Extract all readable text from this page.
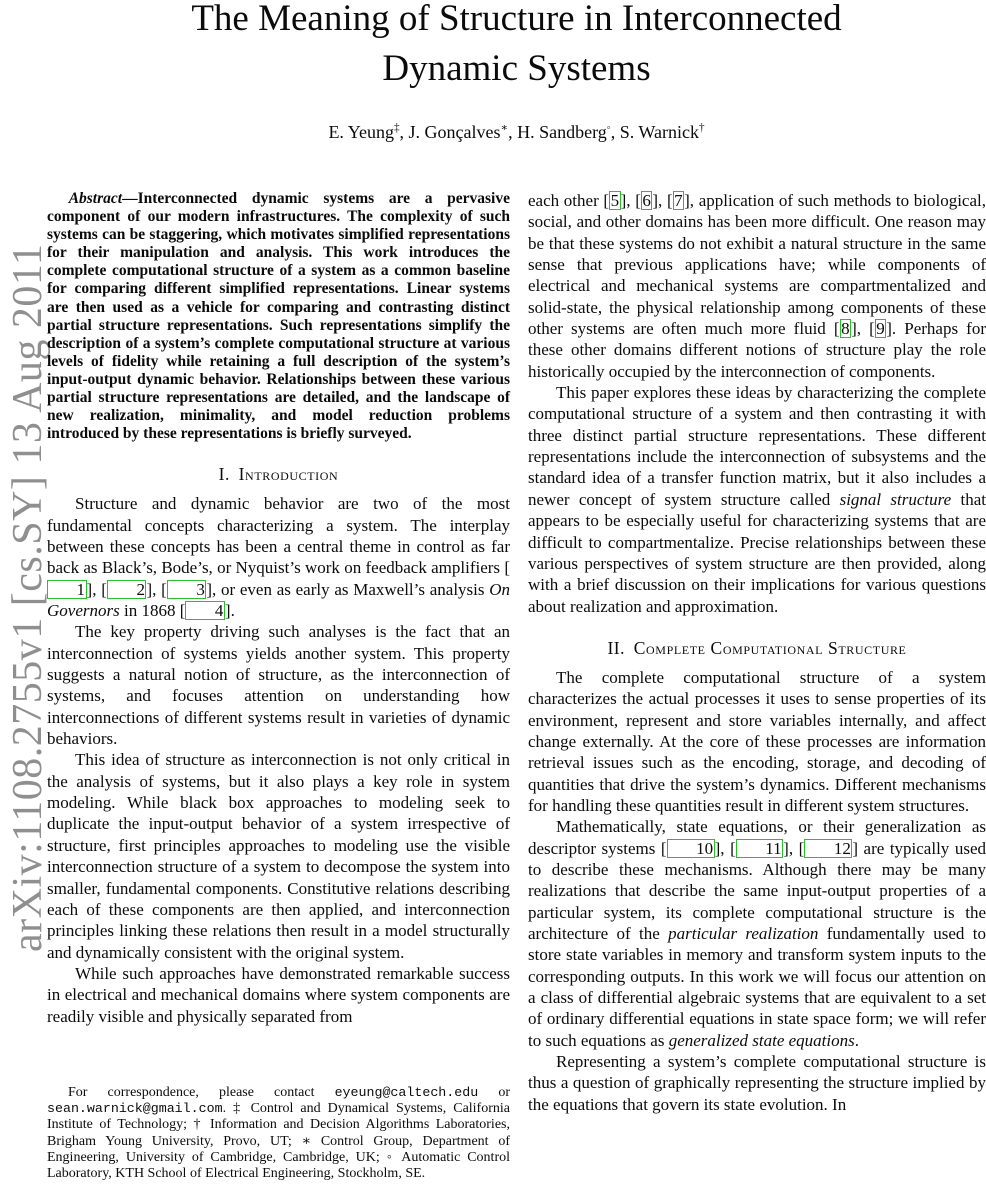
arXiv:1108.2755v1 [cs.SY] 13 Aug 2011
The Meaning of Structure in Interconnected
Dynamic Systems
E. Yeung‡, J. Gonçalves∗, H. Sandberg◦, S. Warnick†

Abstract—Interconnected dynamic systems are a pervasive component of our modern infrastructures. The complexity of such systems can be staggering, which motivates simplified representations for their manipulation and analysis. This work introduces the complete computational structure of a system as a common baseline for comparing different simplified representations. Linear systems are then used as a vehicle for comparing and contrasting distinct partial structure representations. Such representations simplify the description of a system’s complete computational structure at various levels of fidelity while retaining a full description of the system’s input-output dynamic behavior. Relationships between these various partial structure representations are detailed, and the landscape of new realization, minimality, and model reduction problems introduced by these representations is briefly surveyed.

I. Introduction

Structure and dynamic behavior are two of the most fundamental concepts characterizing a system. The interplay between these concepts has been a central theme in control as far back as Black’s, Bode’s, or Nyquist’s work on feedback amplifiers [1], [ 2], [ 3], or even as early as Maxwell’s analysis On Governors in 1868 [ 4].

The key property driving such analyses is the fact that an interconnection of systems yields another system. This property suggests a natural notion of structure, as the interconnection of systems, and focuses attention on understanding how interconnections of different systems result in varieties of dynamic behaviors.

This idea of structure as interconnection is not only critical in the analysis of systems, but it also plays a key role in system modeling. While black box approaches to modeling seek to duplicate the input-output behavior of a system irrespective of structure, first principles approaches to modeling use the visible interconnection structure of a system to decompose the system into smaller, fundamental components. Constitutive relations describing each of these components are then applied, and interconnection principles linking these relations then result in a model structurally and dynamically consistent with the original system.

While such approaches have demonstrated remarkable success in electrical and mechanical domains where system components are readily visible and physically separated from

each other [5], [6], [7], application of such methods to biological, social, and other domains has been more difficult. One reason may be that these systems do not exhibit a natural structure in the same sense that previous applications have; while components of electrical and mechanical systems are compartmentalized and solid-state, the physical relationship among components of these other systems are often much more fluid [8], [9]. Perhaps for these other domains different notions of structure play the role historically occupied by the interconnection of components.

This paper explores these ideas by characterizing the complete computational structure of a system and then contrasting it with three distinct partial structure representations. These different representations include the interconnection of subsystems and the standard idea of a transfer function matrix, but it also includes a newer concept of system structure called signal structure that appears to be especially useful for characterizing systems that are difficult to compartmentalize. Precise relationships between these various perspectives of system structure are then provided, along with a brief discussion on their implications for various questions about realization and approximation.

II. Complete Computational Structure

The complete computational structure of a system characterizes the actual processes it uses to sense properties of its environment, represent and store variables internally, and affect change externally. At the core of these processes are information retrieval issues such as the encoding, storage, and decoding of quantities that drive the system’s dynamics. Different mechanisms for handling these quantities result in different system structures.

Mathematically, state equations, or their generalization as descriptor systems [ 10], [ 11], [ 12] are typically used to describe these mechanisms. Although there may be many realizations that describe the same input-output properties of a particular system, its complete computational structure is the architecture of the particular realization fundamentally used to store state variables in memory and transform system inputs to the corresponding outputs. In this work we will focus our attention on a class of differential algebraic systems that are equivalent to a set of ordinary differential equations in state space form; we will refer to such equations as generalized state equations.

Representing a system’s complete computational structure is thus a question of graphically representing the structure implied by the equations that govern its state evolution. In

For correspondence, please contact eyeung@caltech.edu or sean.warnick@gmail.com. ‡ Control and Dynamical Systems, California Institute of Technology; † Information and Decision Algorithms Laboratories, Brigham Young University, Provo, UT; ∗ Control Group, Department of Engineering, University of Cambridge, Cambridge, UK; ◦ Automatic Control Laboratory, KTH School of Electrical Engineering, Stockholm, SE.
